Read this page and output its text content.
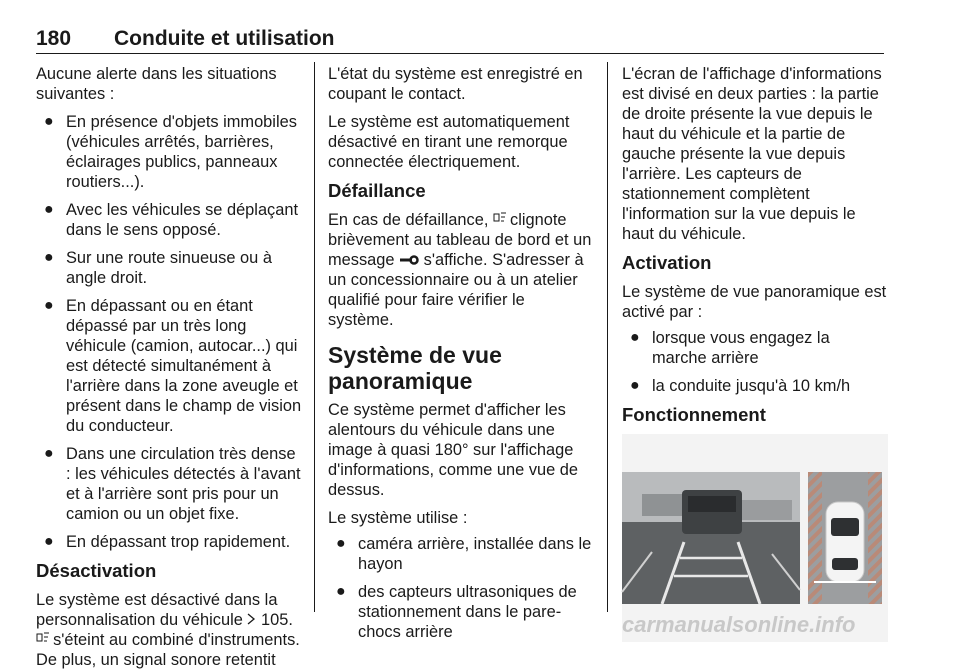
180 Conduite et utilisation

Aucune alerte dans les situations suivantes :

● En présence d'objets immobiles (véhicules arrêtés, barrières, éclairages publics, panneaux routiers...).
● Avec les véhicules se déplaçant dans le sens opposé.
● Sur une route sinueuse ou à angle droit.
● En dépassant ou en étant dépassé par un très long véhicule (camion, autocar...) qui est détecté simultanément à l'arrière dans la zone aveugle et présent dans le champ de vision du conducteur.
● Dans une circulation très dense : les véhicules détectés à l'avant et à l'arrière sont pris pour un camion ou un objet fixe.
● En dépassant trop rapidement.
Désactivation

Le système est désactivé dans la personnalisation du véhicule 105.
s'éteint au combiné d'instruments. De plus, un signal sonore retentit

L'état du système est enregistré en coupant le contact.

Le système est automatiquement désactivé en tirant une remorque connectée électriquement.

Défaillance

En cas de défaillance, clignote brièvement au tableau de bord et un message s'affiche. S'adresser à un concessionnaire ou à un atelier qualifié pour faire vérifier le système.

Système de vue panoramique

Ce système permet d'afficher les alentours du véhicule dans une image à quasi 180° sur l'affichage d'informations, comme une vue de dessus.

Le système utilise :

● caméra arrière, installée dans le hayon
● des capteurs ultrasoniques de stationnement dans le pare-chocs arrière

L'écran de l'affichage d'informations est divisé en deux parties : la partie de droite présente la vue depuis le haut du véhicule et la partie de gauche présente la vue depuis l'arrière. Les capteurs de stationnement complètent l'information sur la vue depuis le haut du véhicule.

Activation

Le système de vue panoramique est activé par :

● lorsque vous engagez la marche arrière
● la conduite jusqu'à 10 km/h
Fonctionnement
carmanualsonline.info
